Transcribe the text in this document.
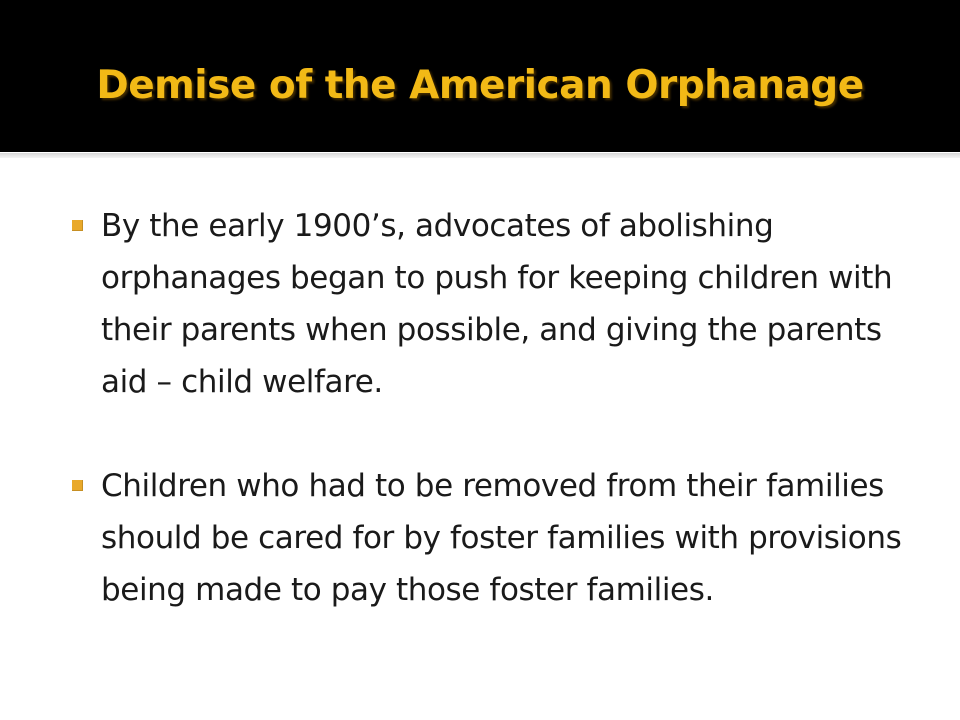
Demise of the American Orphanage
By the early 1900’s, advocates of abolishing orphanages began to push for keeping children with their parents when possible, and giving the parents aid – child welfare.
Children who had to be removed from their families should be cared for by foster families with provisions being made to pay those foster families.
